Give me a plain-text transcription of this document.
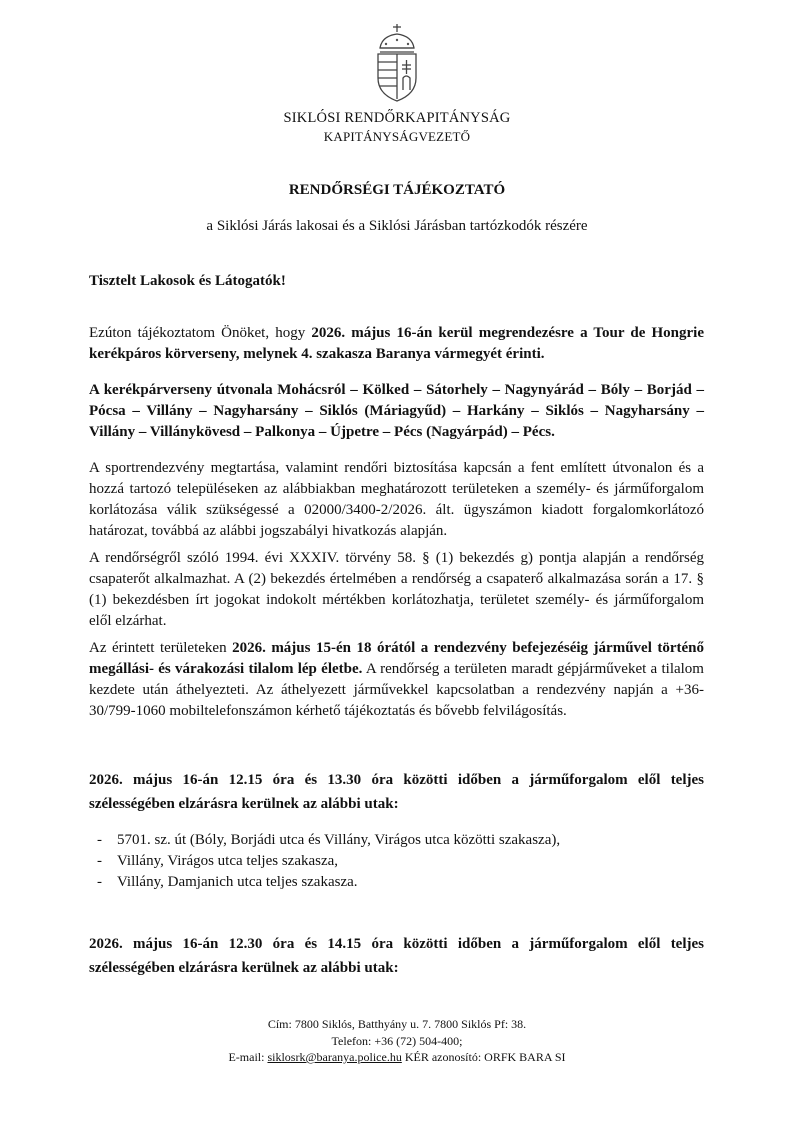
SIKLÓSI RENDŐRKAPITÁNYSÁG
KAPITÁNYSÁGVEZETŐ
RENDŐRSÉGI TÁJÉKOZTATÓ
a Siklósi Járás lakosai és a Siklósi Járásban tartózkodók részére
Tisztelt Lakosok és Látogatók!
Ezúton tájékoztatom Önöket, hogy 2026. május 16-án kerül megrendezésre a Tour de Hongrie kerékpáros körverseny, melynek 4. szakasza Baranya vármegyét érinti.
A kerékpárverseny útvonala Mohácsról – Kölked – Sátorhely – Nagynyárád – Bóly – Borjád – Pócsa – Villány – Nagyharsány – Siklós (Máriagyűd) – Harkány – Siklós – Nagyharsány – Villány – Villánykövesd – Palkonya – Újpetre – Pécs (Nagyárpád) – Pécs.
A sportrendezvény megtartása, valamint rendőri biztosítása kapcsán a fent említett útvonalon és a hozzá tartozó településeken az alábbiakban meghatározott területeken a személy- és járműforgalom korlátozása válik szükségessé a 02000/3400-2/2026. ált. ügyszámon kiadott forgalomkorlátozó határozat, továbbá az alábbi jogszabályi hivatkozás alapján.
A rendőrségről szóló 1994. évi XXXIV. törvény 58. § (1) bekezdés g) pontja alapján a rendőrség csapaterőt alkalmazhat. A (2) bekezdés értelmében a rendőrség a csapaterő alkalmazása során a 17. § (1) bekezdésben írt jogokat indokolt mértékben korlátozhatja, területet személy- és járműforgalom elől elzárhat.
Az érintett területeken 2026. május 15-én 18 órától a rendezvény befejezéséig járművel történő megállási- és várakozási tilalom lép életbe. A rendőrség a területen maradt gépjárműveket a tilalom kezdete után áthelyezteti. Az áthelyezett járművekkel kapcsolatban a rendezvény napján a +36-30/799-1060 mobiltelefonszámon kérhető tájékoztatás és bővebb felvilágosítás.
2026. május 16-án 12.15 óra és 13.30 óra közötti időben a járműforgalom elől teljes szélességében elzárásra kerülnek az alábbi utak:
- 5701. sz. út (Bóly, Borjádi utca és Villány, Virágos utca közötti szakasza),
- Villány, Virágos utca teljes szakasza,
- Villány, Damjanich utca teljes szakasza.
2026. május 16-án 12.30 óra és 14.15 óra közötti időben a járműforgalom elől teljes szélességében elzárásra kerülnek az alábbi utak:
Cím: 7800 Siklós, Batthyány u. 7. 7800 Siklós Pf: 38.
Telefon: +36 (72) 504-400;
E-mail: siklosrk@baranya.police.hu KÉR azonosító: ORFK BARA SI
